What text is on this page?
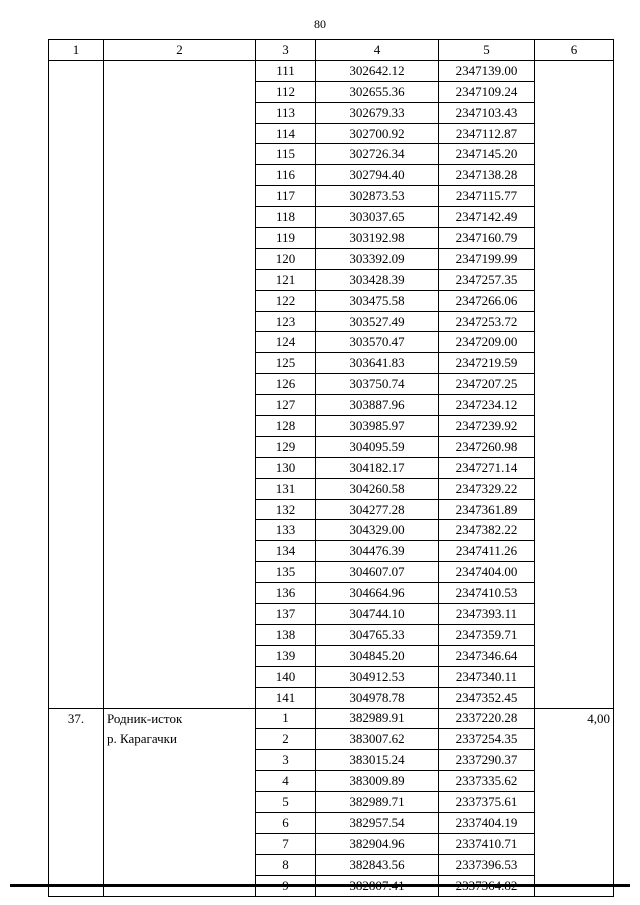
80
1	2	3	4	5	6
		111	302642.12	2347139.00	
		112	302655.36	2347109.24	
		113	302679.33	2347103.43	
		114	302700.92	2347112.87	
		115	302726.34	2347145.20	
		116	302794.40	2347138.28	
		117	302873.53	2347115.77	
		118	303037.65	2347142.49	
		119	303192.98	2347160.79	
		120	303392.09	2347199.99	
		121	303428.39	2347257.35	
		122	303475.58	2347266.06	
		123	303527.49	2347253.72	
		124	303570.47	2347209.00	
		125	303641.83	2347219.59	
		126	303750.74	2347207.25	
		127	303887.96	2347234.12	
		128	303985.97	2347239.92	
		129	304095.59	2347260.98	
		130	304182.17	2347271.14	
		131	304260.58	2347329.22	
		132	304277.28	2347361.89	
		133	304329.00	2347382.22	
		134	304476.39	2347411.26	
		135	304607.07	2347404.00	
		136	304664.96	2347410.53	
		137	304744.10	2347393.11	
		138	304765.33	2347359.71	
		139	304845.20	2347346.64	
		140	304912.53	2347340.11	
		141	304978.78	2347352.45	
37.	Родник-исток	1	382989.91	2337220.28	4,00
	р. Карагачки	2	383007.62	2337254.35	
		3	383015.24	2337290.37	
		4	383009.89	2337335.62	
		5	382989.71	2337375.61	
		6	382957.54	2337404.19	
		7	382904.96	2337410.71	
		8	382843.56	2337396.53	
